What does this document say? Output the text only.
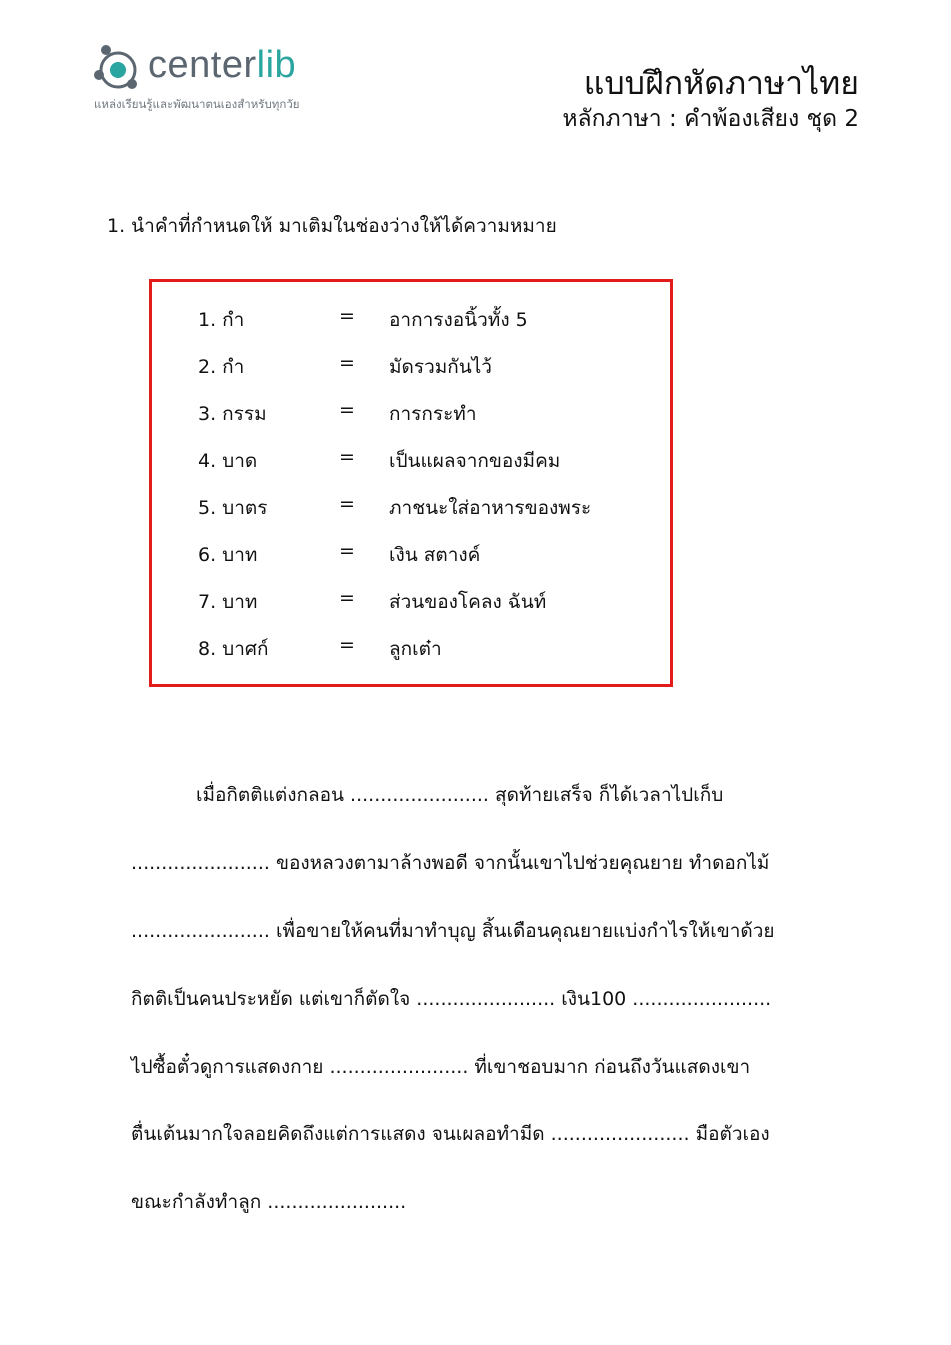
centerlib
แหล่งเรียนรู้และพัฒนาตนเองสำหรับทุกวัย
แบบฝึกหัดภาษาไทย
หลักภาษา : คำพ้องเสียง ชุด 2
1. นำคำที่กำหนดให้ มาเติมในช่องว่างให้ได้ความหมาย
1. กำ	= อาการงอนิ้วทั้ง 5
2. กำ	= มัดรวมกันไว้
3. กรรม	= การกระทำ
4. บาด	= เป็นแผลจากของมีคม
5. บาตร	= ภาชนะใส่อาหารของพระ
6. บาท	= เงิน สตางค์
7. บาท	= ส่วนของโคลง ฉันท์
8. บาศก์	= ลูกเต๋า
เมื่อกิตติแต่งกลอน ....................... สุดท้ายเสร็จ ก็ได้เวลาไปเก็บ
....................... ของหลวงตามาล้างพอดี จากนั้นเขาไปช่วยคุณยาย ทำดอกไม้
....................... เพื่อขายให้คนที่มาทำบุญ สิ้นเดือนคุณยายแบ่งกำไรให้เขาด้วย
กิตติเป็นคนประหยัด แต่เขาก็ตัดใจ ....................... เงิน100 .......................
ไปซื้อตั๋วดูการแสดงกาย ....................... ที่เขาชอบมาก ก่อนถึงวันแสดงเขา
ตื่นเต้นมากใจลอยคิดถึงแต่การแสดง จนเผลอทำมีด ....................... มือตัวเอง
ขณะกำลังทำลูก .......................
